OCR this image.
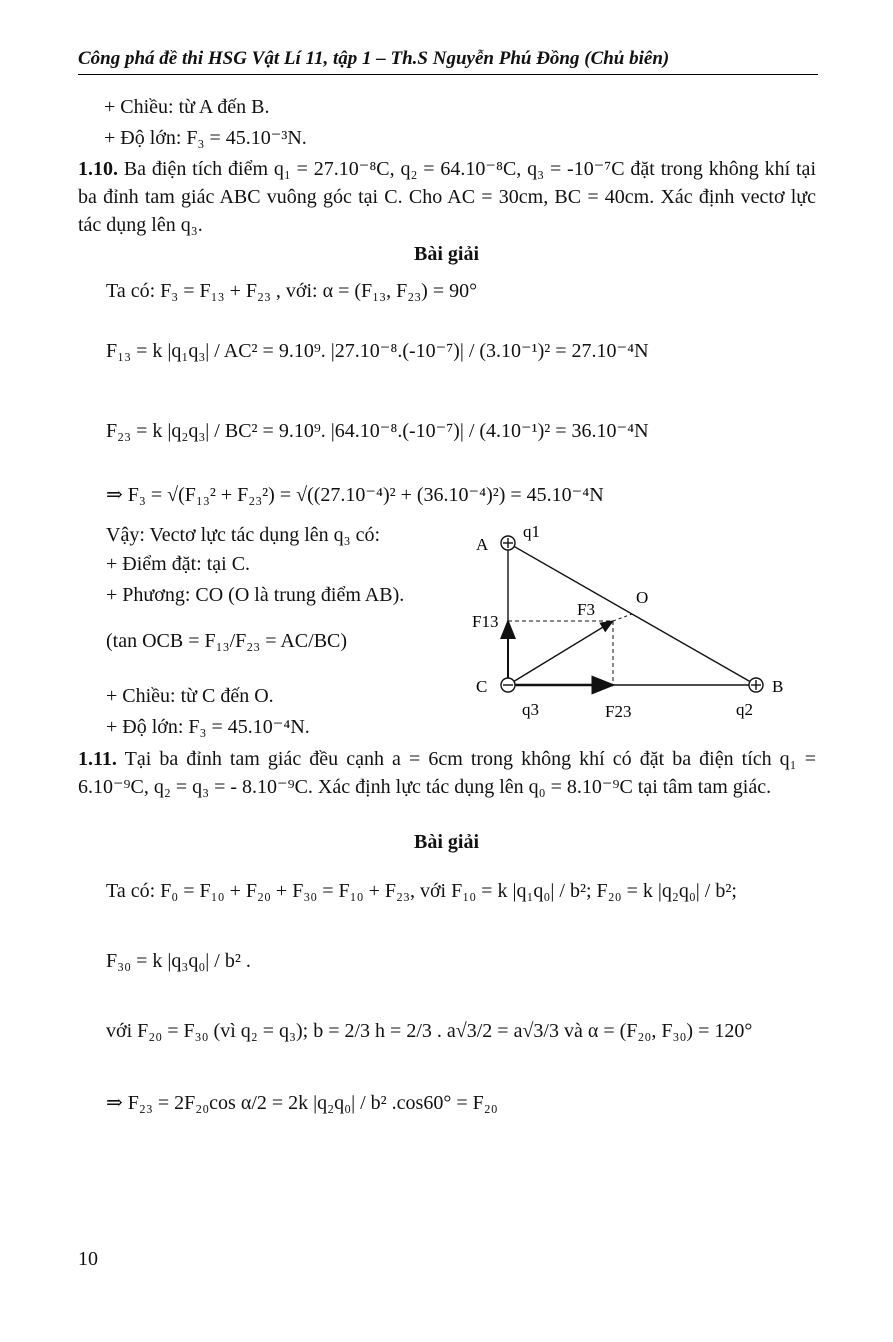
Công phá đề thi HSG Vật Lí 11, tập 1 – Th.S Nguyễn Phú Đồng (Chủ biên)
+ Chiều: từ A đến B.
+ Độ lớn: F₃ = 45.10⁻³N.
1.10. Ba điện tích điểm q₁ = 27.10⁻⁸C, q₂ = 64.10⁻⁸C, q₃ = -10⁻⁷C đặt trong không khí tại ba đỉnh tam giác ABC vuông góc tại C. Cho AC = 30cm, BC = 40cm. Xác định vectơ lực tác dụng lên q₃.
Bài giải
Ta có: F₃ = F₁₃ + F₂₃ , với: α = (F₁₃, F₂₃) = 90°
F₁₃ = k |q₁q₃| / AC² = 9.10⁹. |27.10⁻⁸.(-10⁻⁷)| / (3.10⁻¹)² = 27.10⁻⁴N
F₂₃ = k |q₂q₃| / BC² = 9.10⁹. |64.10⁻⁸.(-10⁻⁷)| / (4.10⁻¹)² = 36.10⁻⁴N
⇒ F₃ = √(F₁₃² + F₂₃²) = √((27.10⁻⁴)² + (36.10⁻⁴)²) = 45.10⁻⁴N
Vậy: Vectơ lực tác dụng lên q₃ có:
+ Điểm đặt: tại C.
+ Phương: CO (O là trung điểm AB).
(tan OCB = F₁₃/F₂₃ = AC/BC)
+ Chiều: từ C đến O.
+ Độ lớn: F₃ = 45.10⁻⁴N.
A
q1
O
F3
F13
C	B
q3	F23	q2
1.11. Tại ba đỉnh tam giác đều cạnh a = 6cm trong không khí có đặt ba điện tích q₁ = 6.10⁻⁹C, q₂ = q₃ = - 8.10⁻⁹C. Xác định lực tác dụng lên q₀ = 8.10⁻⁹C tại tâm tam giác.
Bài giải
Ta có: F₀ = F₁₀ + F₂₀ + F₃₀ = F₁₀ + F₂₃, với F₁₀ = k |q₁q₀| / b²; F₂₀ = k |q₂q₀| / b²;
F₃₀ = k |q₃q₀| / b² .
với F₂₀ = F₃₀ (vì q₂ = q₃); b = 2/3 h = 2/3 . a√3/2 = a√3/3 và α = (F₂₀, F₃₀) = 120°
⇒ F₂₃ = 2F₂₀cos α/2 = 2k |q₂q₀| / b² .cos60° = F₂₀
10
